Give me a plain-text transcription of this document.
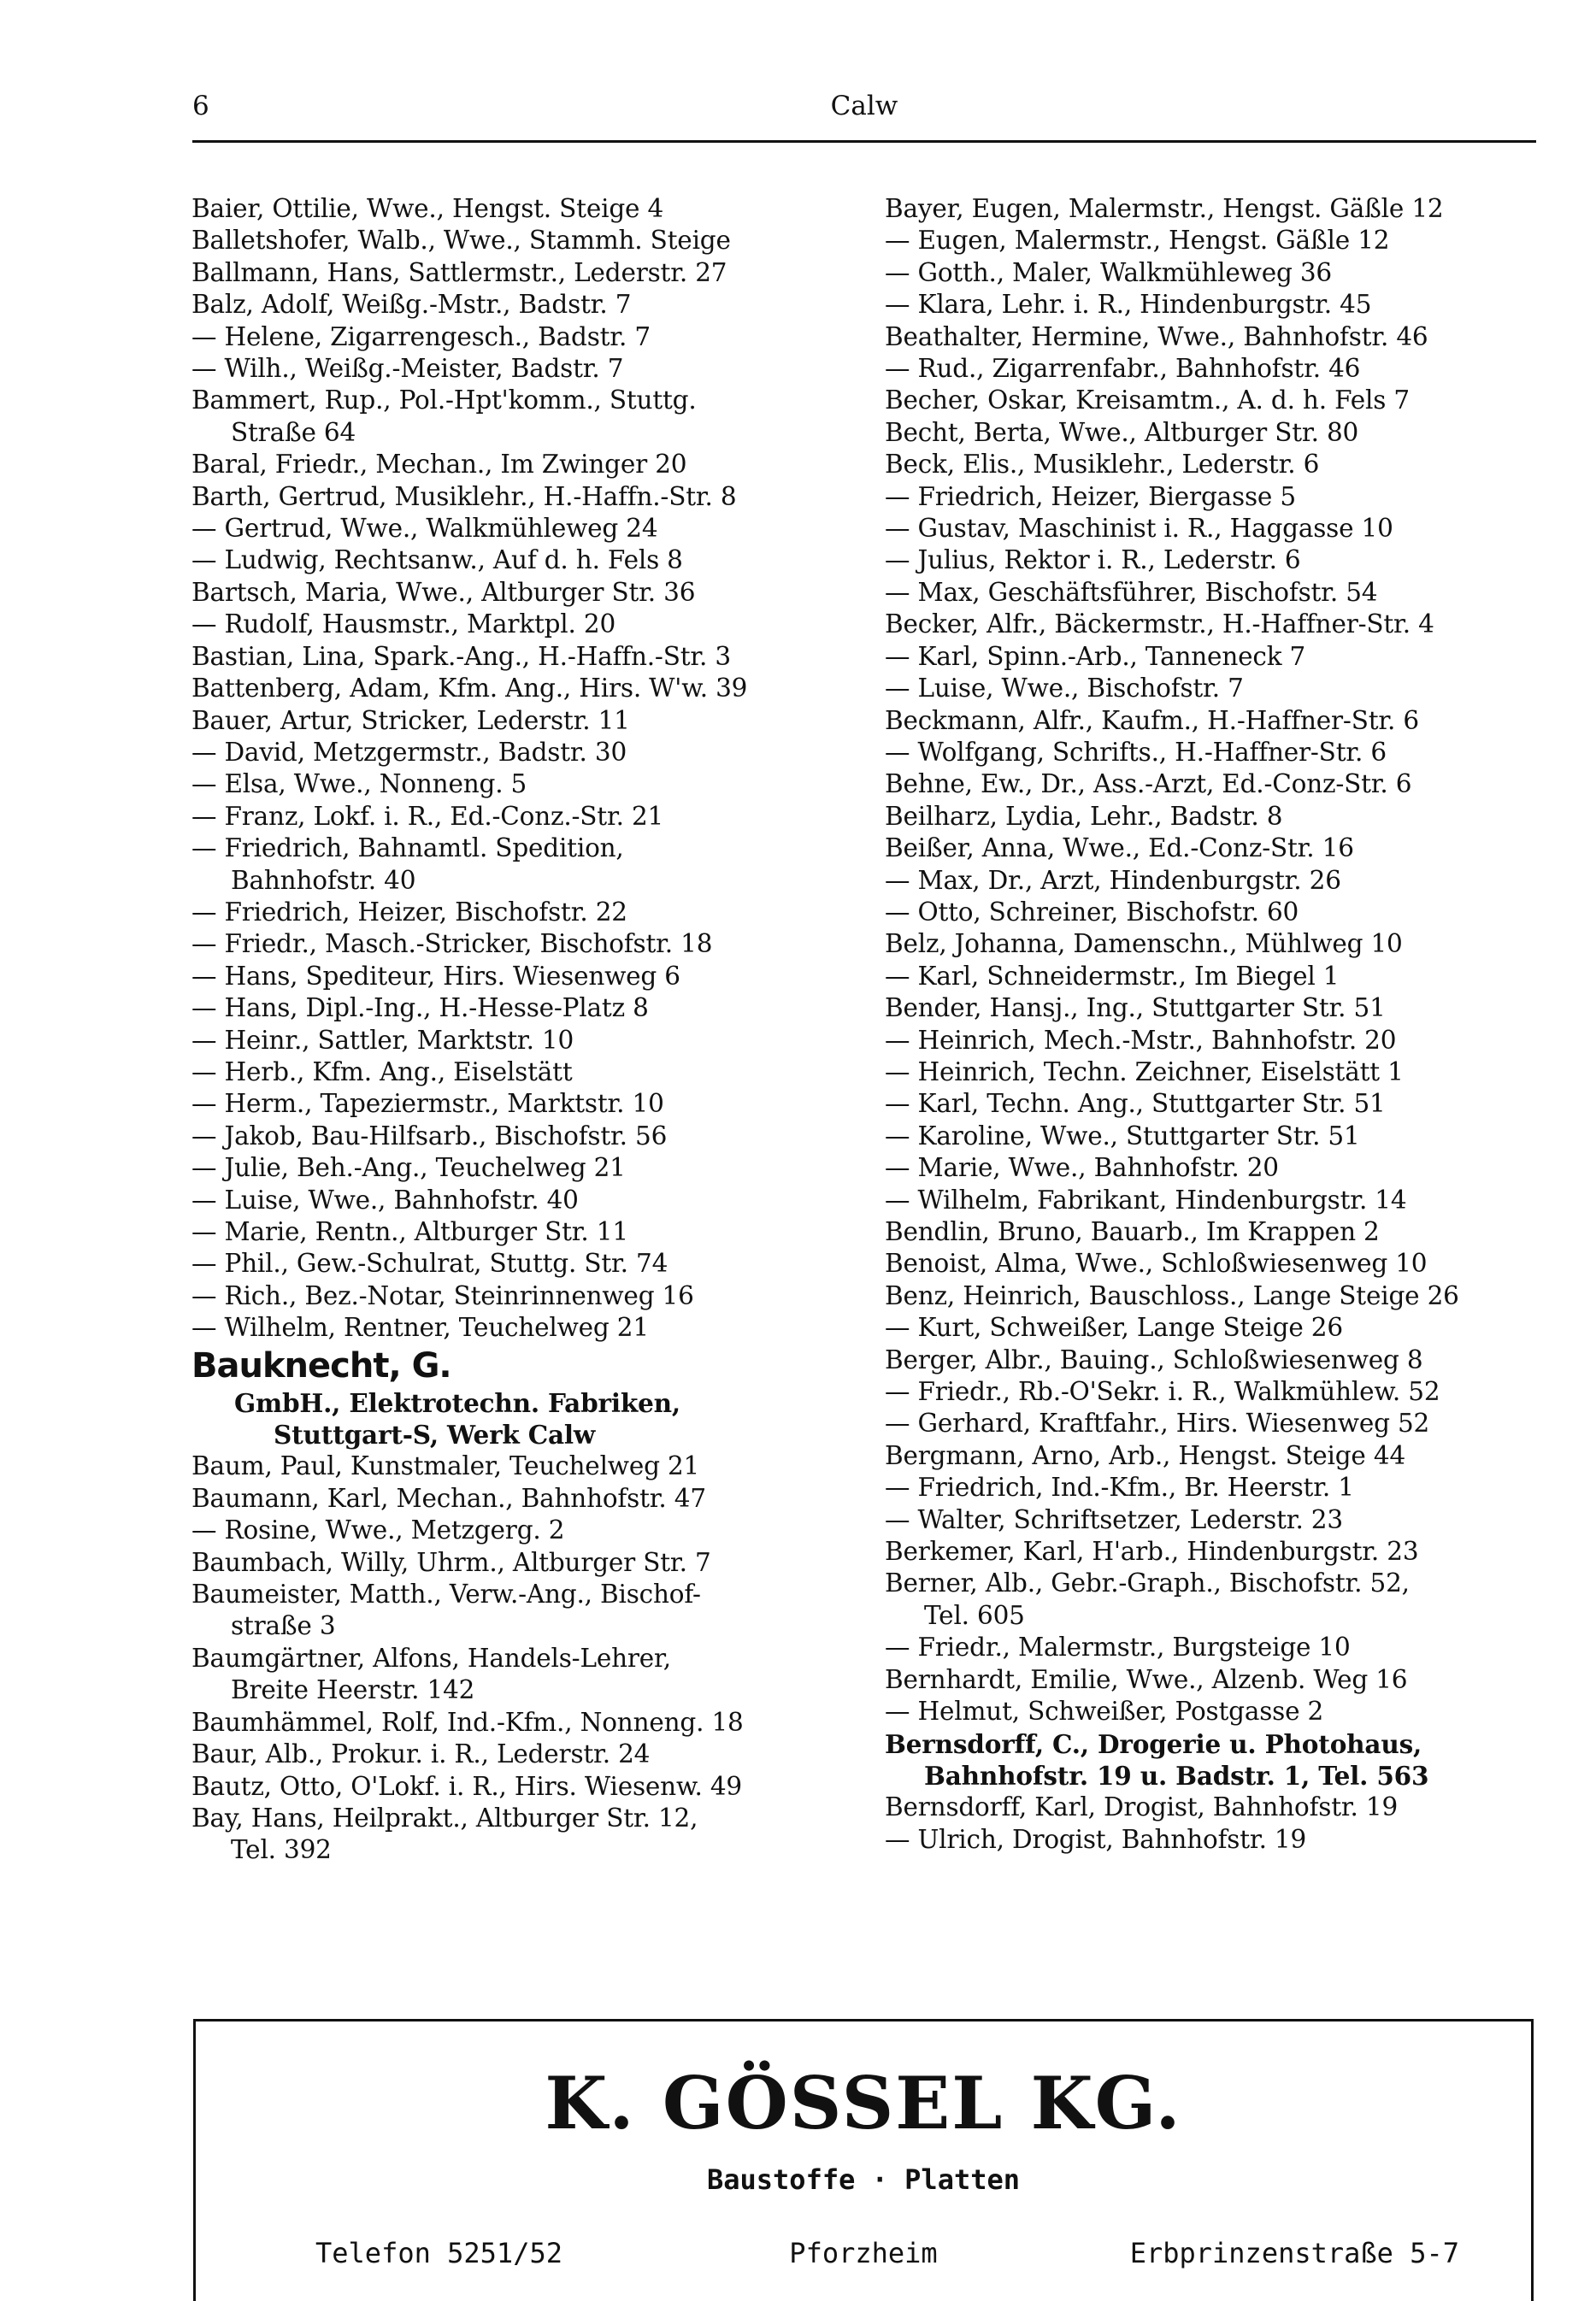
6	Calw
Baier, Ottilie, Wwe., Hengst. Steige 4
Balletshofer, Walb., Wwe., Stammh. Steige
Ballmann, Hans, Sattlermstr., Lederstr. 27
Balz, Adolf, Weißg.-Mstr., Badstr. 7
— Helene, Zigarrengesch., Badstr. 7
— Wilh., Weißg.-Meister, Badstr. 7
Bammert, Rup., Pol.-Hpt'komm., Stuttg.
Straße 64
Baral, Friedr., Mechan., Im Zwinger 20
Barth, Gertrud, Musiklehr., H.-Haffn.-Str. 8
— Gertrud, Wwe., Walkmühleweg 24
— Ludwig, Rechtsanw., Auf d. h. Fels 8
Bartsch, Maria, Wwe., Altburger Str. 36
— Rudolf, Hausmstr., Marktpl. 20
Bastian, Lina, Spark.-Ang., H.-Haffn.-Str. 3
Battenberg, Adam, Kfm. Ang., Hirs. W'w. 39
Bauer, Artur, Stricker, Lederstr. 11
— David, Metzgermstr., Badstr. 30
— Elsa, Wwe., Nonneng. 5
— Franz, Lokf. i. R., Ed.-Conz.-Str. 21
— Friedrich, Bahnamtl. Spedition,
Bahnhofstr. 40
— Friedrich, Heizer, Bischofstr. 22
— Friedr., Masch.-Stricker, Bischofstr. 18
— Hans, Spediteur, Hirs. Wiesenweg 6
— Hans, Dipl.-Ing., H.-Hesse-Platz 8
— Heinr., Sattler, Marktstr. 10
— Herb., Kfm. Ang., Eiselstätt
— Herm., Tapeziermstr., Marktstr. 10
— Jakob, Bau-Hilfsarb., Bischofstr. 56
— Julie, Beh.-Ang., Teuchelweg 21
— Luise, Wwe., Bahnhofstr. 40
— Marie, Rentn., Altburger Str. 11
— Phil., Gew.-Schulrat, Stuttg. Str. 74
— Rich., Bez.-Notar, Steinrinnenweg 16
— Wilhelm, Rentner, Teuchelweg 21
Bauknecht, G.
GmbH., Elektrotechn. Fabriken,
Stuttgart-S, Werk Calw
Baum, Paul, Kunstmaler, Teuchelweg 21
Baumann, Karl, Mechan., Bahnhofstr. 47
— Rosine, Wwe., Metzgerg. 2
Baumbach, Willy, Uhrm., Altburger Str. 7
Baumeister, Matth., Verw.-Ang., Bischof-
straße 3
Baumgärtner, Alfons, Handels-Lehrer,
Breite Heerstr. 142
Baumhämmel, Rolf, Ind.-Kfm., Nonneng. 18
Baur, Alb., Prokur. i. R., Lederstr. 24
Bautz, Otto, O'Lokf. i. R., Hirs. Wiesenw. 49
Bay, Hans, Heilprakt., Altburger Str. 12,
Tel. 392
Bayer, Eugen, Malermstr., Hengst. Gäßle 12
— Eugen, Malermstr., Hengst. Gäßle 12
— Gotth., Maler, Walkmühleweg 36
— Klara, Lehr. i. R., Hindenburgstr. 45
Beathalter, Hermine, Wwe., Bahnhofstr. 46
— Rud., Zigarrenfabr., Bahnhofstr. 46
Becher, Oskar, Kreisamtm., A. d. h. Fels 7
Becht, Berta, Wwe., Altburger Str. 80
Beck, Elis., Musiklehr., Lederstr. 6
— Friedrich, Heizer, Biergasse 5
— Gustav, Maschinist i. R., Haggasse 10
— Julius, Rektor i. R., Lederstr. 6
— Max, Geschäftsführer, Bischofstr. 54
Becker, Alfr., Bäckermstr., H.-Haffner-Str. 4
— Karl, Spinn.-Arb., Tanneneck 7
— Luise, Wwe., Bischofstr. 7
Beckmann, Alfr., Kaufm., H.-Haffner-Str. 6
— Wolfgang, Schrifts., H.-Haffner-Str. 6
Behne, Ew., Dr., Ass.-Arzt, Ed.-Conz-Str. 6
Beilharz, Lydia, Lehr., Badstr. 8
Beißer, Anna, Wwe., Ed.-Conz-Str. 16
— Max, Dr., Arzt, Hindenburgstr. 26
— Otto, Schreiner, Bischofstr. 60
Belz, Johanna, Damenschn., Mühlweg 10
— Karl, Schneidermstr., Im Biegel 1
Bender, Hansj., Ing., Stuttgarter Str. 51
— Heinrich, Mech.-Mstr., Bahnhofstr. 20
— Heinrich, Techn. Zeichner, Eiselstätt 1
— Karl, Techn. Ang., Stuttgarter Str. 51
— Karoline, Wwe., Stuttgarter Str. 51
— Marie, Wwe., Bahnhofstr. 20
— Wilhelm, Fabrikant, Hindenburgstr. 14
Bendlin, Bruno, Bauarb., Im Krappen 2
Benoist, Alma, Wwe., Schloßwiesenweg 10
Benz, Heinrich, Bauschloss., Lange Steige 26
— Kurt, Schweißer, Lange Steige 26
Berger, Albr., Bauing., Schloßwiesenweg 8
— Friedr., Rb.-O'Sekr. i. R., Walkmühlew. 52
— Gerhard, Kraftfahr., Hirs. Wiesenweg 52
Bergmann, Arno, Arb., Hengst. Steige 44
— Friedrich, Ind.-Kfm., Br. Heerstr. 1
— Walter, Schriftsetzer, Lederstr. 23
Berkemer, Karl, H'arb., Hindenburgstr. 23
Berner, Alb., Gebr.-Graph., Bischofstr. 52,
Tel. 605
— Friedr., Malermstr., Burgsteige 10
Bernhardt, Emilie, Wwe., Alzenb. Weg 16
— Helmut, Schweißer, Postgasse 2
Bernsdorff, C., Drogerie u. Photohaus,
Bahnhofstr. 19 u. Badstr. 1, Tel. 563
Bernsdorff, Karl, Drogist, Bahnhofstr. 19
— Ulrich, Drogist, Bahnhofstr. 19
K. GÖSSEL KG.
Baustoffe · Platten
Telefon 5251/52	Pforzheim	Erbprinzenstraße 5-7
